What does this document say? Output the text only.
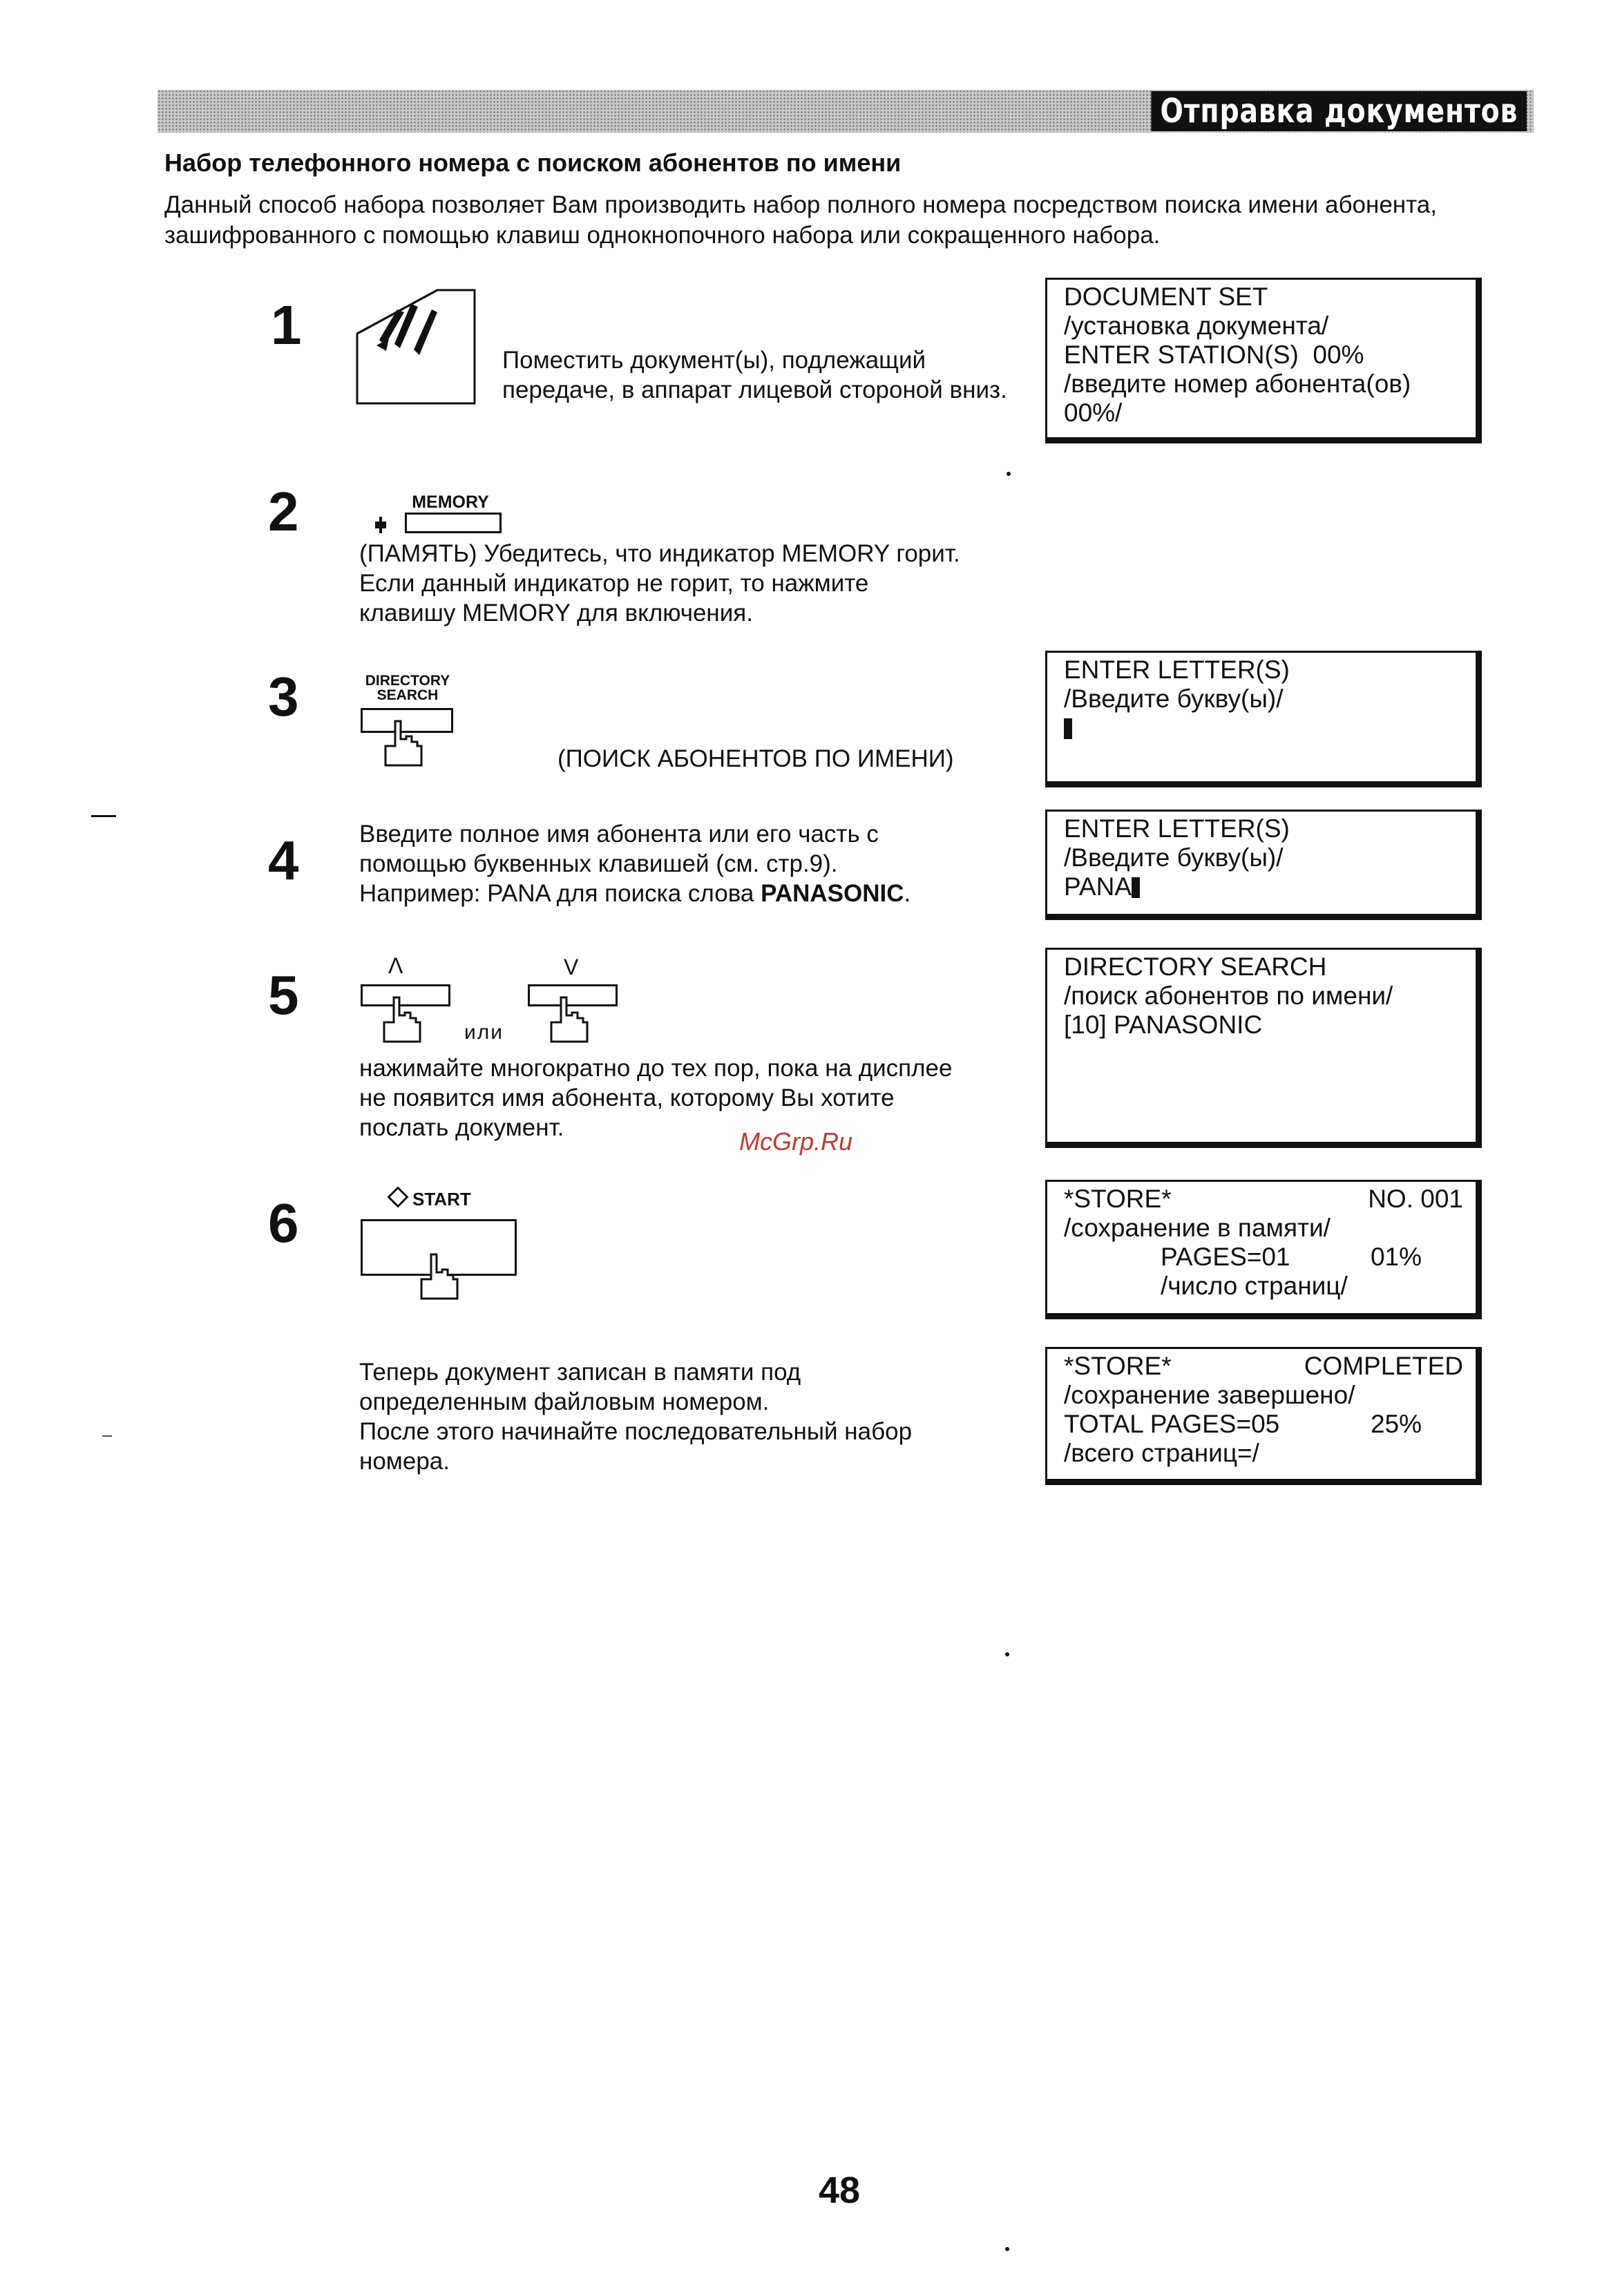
Отправка документов
Набор телефонного номера с поиском абонентов по имени
Данный способ набора позволяет Вам производить набор полного номера посредством поиска имени абонента, зашифрованного с помощью клавиш однокнопочного набора или сокращенного набора.
1
Поместить документ(ы), подлежащий передаче, в аппарат лицевой стороной вниз.
DOCUMENT SET
/установка документа/
ENTER STATION(S)  00%
/введите номер абонента(ов)
00%/
2	MEMORY
(ПАМЯТЬ) Убедитесь, что индикатор MEMORY горит.
Если данный индикатор не горит, то нажмите
клавишу MEMORY для включения.
3	DIRECTORY
SEARCH
(ПОИСК АБОНЕНТОВ ПО ИМЕНИ)
ENTER LETTER(S)
/Введите букву(ы)/
4	Введите полное имя абонента или его часть с
помощью буквенных клавишей (см. стр.9).
Например: PANA для поиска слова PANASONIC.
ENTER LETTER(S)
/Введите букву(ы)/
PANA
5	Λ
или
V
нажимайте многократно до тех пор, пока на дисплее
не появится имя абонента, которому Вы хотите
послать документ.
DIRECTORY SEARCH
/поиск абонентов по имени/
[10] PANASONIC
McGrp.Ru
6	START	*STORE*	NO. 001
/сохранение в памяти/
PAGES=01	01%
/число страниц/
Теперь документ записан в памяти под
определенным файловым номером.
После этого начинайте последовательный набор
номера.
*STORE*	COMPLETED
/сохранение завершено/
TOTAL PAGES=05	25%
/всего страниц=/
48
